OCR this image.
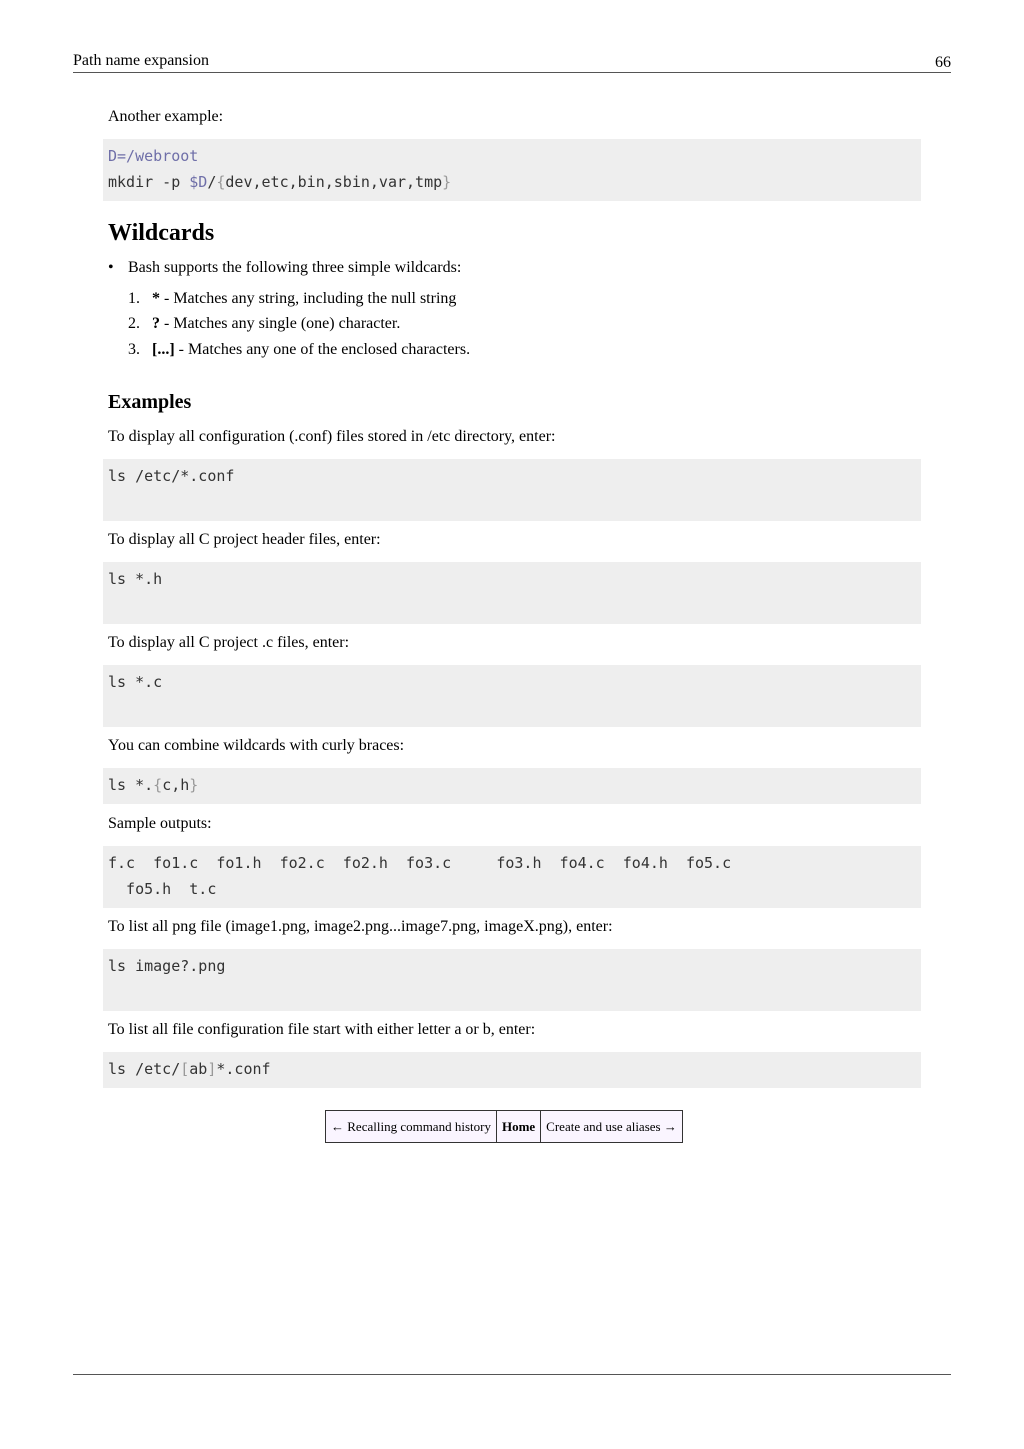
Path name expansion	66

Another example:

D=/webroot
mkdir -p $D/{dev,etc,bin,sbin,var,tmp}
Wildcards
• Bash supports the following three simple wildcards:
1. * - Matches any string, including the null string
2. ? - Matches any single (one) character.
3. [...] - Matches any one of the enclosed characters.
Examples

To display all configuration (.conf) files stored in /etc directory, enter:

ls /etc/*.conf

To display all C project header files, enter:

ls *.h

To display all C project .c files, enter:

ls *.c

You can combine wildcards with curly braces:

ls *.{c,h}

Sample outputs:

f.c  fo1.c  fo1.h  fo2.c  fo2.h  fo3.c     fo3.h  fo4.c  fo4.h  fo5.c
fo5.h  t.c

To list all png file (image1.png, image2.png...image7.png, imageX.png), enter:

ls image?.png

To list all file configuration file start with either letter a or b, enter:

ls /etc/[ab]*.conf
← Recalling command history Home Create and use aliases →
